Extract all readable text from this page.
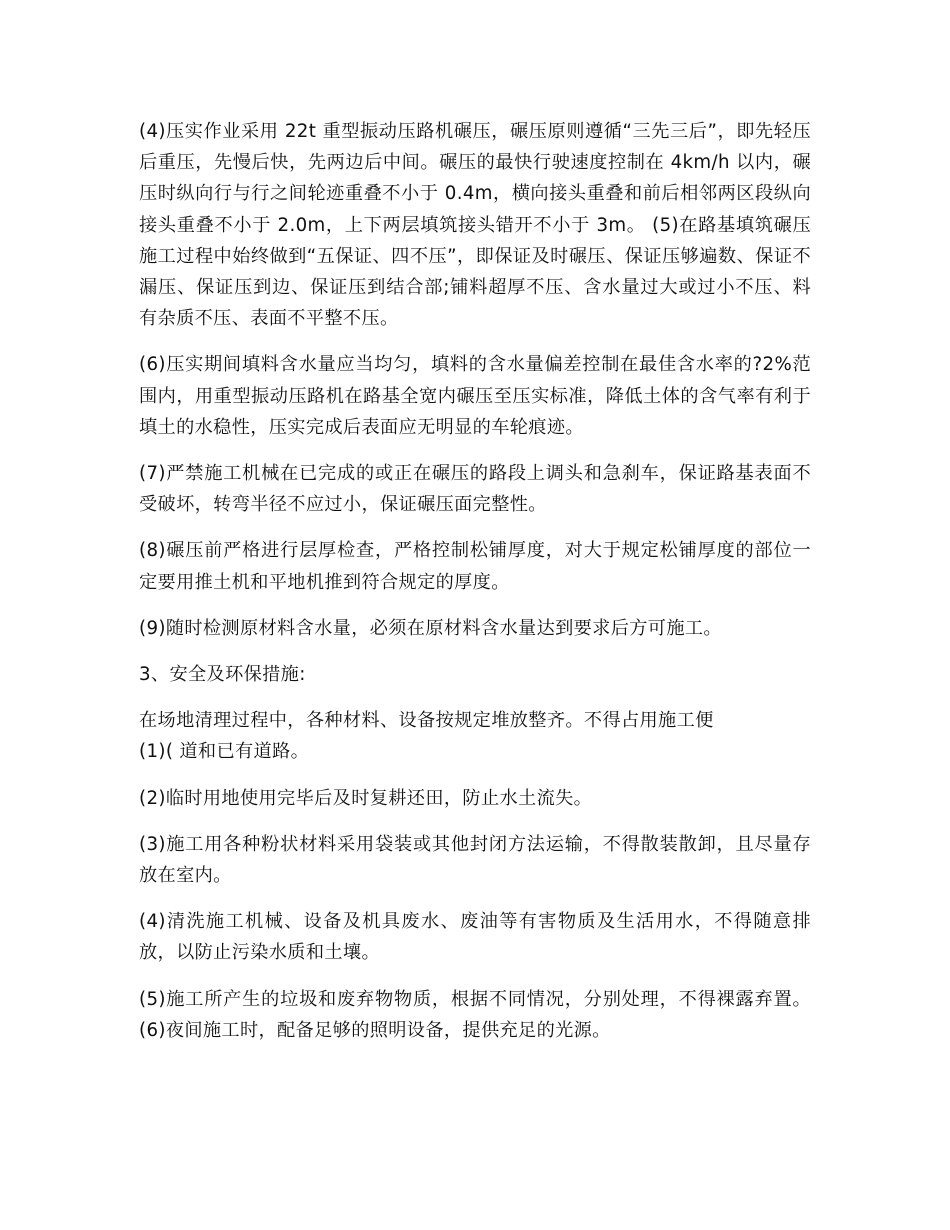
(4)压实作业采用 22t 重型振动压路机碾压，碾压原则遵循“三先三后”，即先轻压后重压，先慢后快，先两边后中间。碾压的最快行驶速度控制在 4km/h 以内，碾压时纵向行与行之间轮迹重叠不小于 0.4m，横向接头重叠和前后相邻两区段纵向接头重叠不小于 2.0m，上下两层填筑接头错开不小于 3m。 (5)在路基填筑碾压施工过程中始终做到“五保证、四不压”，即保证及时碾压、保证压够遍数、保证不漏压、保证压到边、保证压到结合部;铺料超厚不压、含水量过大或过小不压、料有杂质不压、表面不平整不压。

(6)压实期间填料含水量应当均匀，填料的含水量偏差控制在最佳含水率的?2%范围内，用重型振动压路机在路基全宽内碾压至压实标准，降低土体的含气率有利于填土的水稳性，压实完成后表面应无明显的车轮痕迹。

(7)严禁施工机械在已完成的或正在碾压的路段上调头和急刹车，保证路基表面不受破坏，转弯半径不应过小，保证碾压面完整性。

(8)碾压前严格进行层厚检查，严格控制松铺厚度，对大于规定松铺厚度的部位一定要用推土机和平地机推到符合规定的厚度。

(9)随时检测原材料含水量，必须在原材料含水量达到要求后方可施工。

3、安全及环保措施:

在场地清理过程中，各种材料、设备按规定堆放整齐。不得占用施工便

(1)( 道和已有道路。

(2)临时用地使用完毕后及时复耕还田，防止水土流失。

(3)施工用各种粉状材料采用袋装或其他封闭方法运输，不得散装散卸，且尽量存放在室内。

(4)清洗施工机械、设备及机具废水、废油等有害物质及生活用水，不得随意排放，以防止污染水质和土壤。

(5)施工所产生的垃圾和废弃物物质，根据不同情况，分别处理，不得裸露弃置。 (6)夜间施工时，配备足够的照明设备，提供充足的光源。
